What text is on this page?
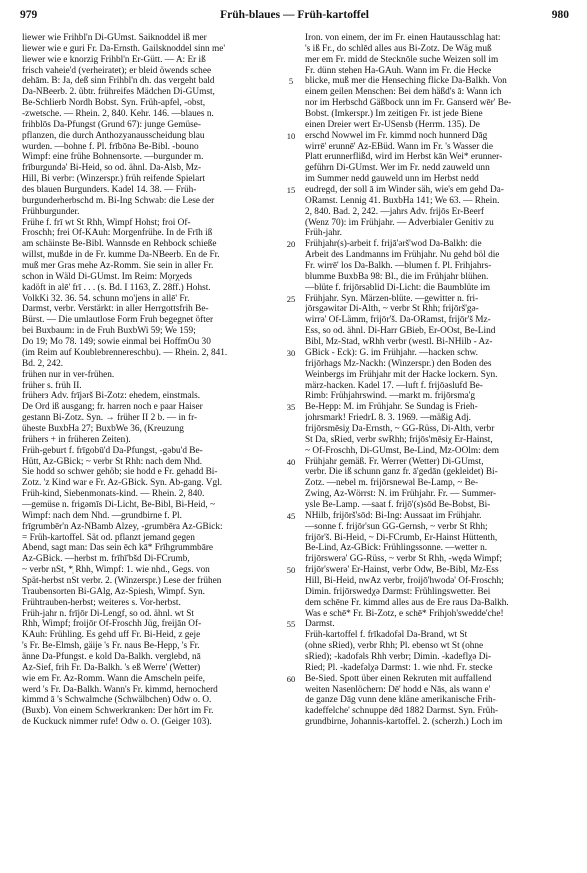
979	Früh-blaues — Früh-kartoffel	980
liewer wie Frihbl'n Di-GUmst. Saiknoddel iß mer
liewer wie e guri Fr. Da-Ernsth. Gailsknoddel sinn me'
liewer wie e knorzig Frihbl'n Er-Gütt. — A: Er iß
frisch vaheie'd (verheiratet); er bleid öwends schee
dehām. B: Ja, deß sinn Frihbl'n dh. das vergeht bald
Da-NBeerb. 2. übtr. frühreifes Mädchen Di-GUmst,
Be-Schlierb Nordh Bobst. Syn. Früh-apfel, -obst,
-zwetsche. — Rhein. 2, 840. Kehr. 146. —blaues n.
frihblōs Da-Pfungst (Grund 67): junge Gemüse-
pflanzen, die durch Anthozyanausscheidung blau
wurden. —bohne f. Pl. frībōnə Be-Bibl. -bouno
Wimpf: eine frühe Bohnensorte. —burgunder m.
frīburgundə' Bi-Heid, so od. ähnl. Da-Alsb, Mz-
Hill, Bi verbr: (Winzerspr.) früh reifende Spielart
des blauen Burgunders. Kadel 14. 38. — Früh-
burgunderherbschd m. Bi-Ing Schwab: die Lese der
Frühburgunder.
Frühe f. frī wt St Rhh, Wimpf Hohst; froi Of-
Froschh; frei Of-KAuh: Morgenfrühe. In de Frīh iß
am schäinste Be-Bibl. Wannsde en Rehbock schieße
willst, mußde in de Fr. kumme Da-NBeerb. En de Fr.
muß mer Gras mehe Az-Romm. Sie sein in aller Fr.
schon in Wäld Di-GUmst. Im Reim: Mọrχeds
kadöft in alē' frī . . . (s. Bd. I 1163, Z. 28ff.) Hohst.
VolkKi 32. 36. 54. schunn mo'jens in allē' Fr.
Darmst, verbr. Verstärkt: in aller Herrgottsfrih Be-
Bürst. — Die umlautlose Form Fruh begegnet öfter
bei Buxbaum: in de Fruh BuxbWi 59; We 159;
Do 19; Mo 78. 149; sowie einmal bei HoffmOu 30
(im Reim auf Koublebrennereschbu). — Rhein. 2, 841.
Bd. 2, 242.
frühen nur in ver-frühen.
früher s. früh II.
früherз Adv. frījərš Bi-Zotz: ehedem, einstmals.
De Ord iß ausgang; fr. harren noch e paar Haiser
gestann Bi-Zotz. Syn. → früher II 2 b. — in fr-
üheste BuxbHa 27; BuxbWe 36, (Kreuzung
frühers + in früheren Zeiten).
Früh-geburt f. frīgobū'd Da-Pfungst, -gəbu'd Be-
Hütt, Az-GBick; ~ verbr St Rhh: nach dem Nhd.
Sie hodd so schwer gehöb; sie hodd e Fr. gehadd Bi-
Zotz. 'z Kind war e Fr. Az-GBick. Syn. Ab-gang. Vgl.
Früh-kind, Siebenmonats-kind. — Rhein. 2, 840.
—gemüse n. frigəmīs Di-Licht, Be-Bibl, Bi-Heid, ~
Wimpf: nach dem Nhd. —grundbirne f. Pl.
frīgrumbēr'n Az-NBamb Alzey, -grumbēra Az-GBick:
= Früh-kartoffel. Sät od. pflanzt jemand gegen
Abend, sagt man: Das sein ēch kā* Frīhgrummbāre
Az-GBick. —herbst m. frīhī'bšd Di-FCrumb,
~ verbr nSt, *̣ Rhh, Wimpf: 1. wie nhd., Gegs. von
Spät-herbst nSt verbr. 2. (Winzerspr.) Lese der frühen
Traubensorten Bi-GAlg, Az-Spiesh, Wimpf. Syn.
Frühtrauben-herbst; weiteres s. Vor-herbst.
Früh-jahr n. frījōr Di-Lengf, so od. ähnl. wt St
Rhh, Wimpf; froijōr Of-Froschh Jüg, freijān Of-
KAuh: Frühling. Es gehd uff Fr. Bi-Heid, z geje
's Fr. Be-Elmsh, gäije 's Fr. naus Be-Hepp, 's Fr.
änne Da-Pfungst. e kold Da-Balkh. verglebd, nā
Az-Sief, frih Fr. Da-Balkh. 's eß Werre' (Wetter)
wie em Fr. Az-Romm. Wann die Amscheln peife,
werd 's Fr. Da-Balkh. Wann's Fr. kimmd, hernocherd
kimmd ā 's Schwalmche (Schwälbchen) Odw o. O.
(Buxb). Von einem Schwerkranken: Der hōrt im Fr.
de Kuckuck nimmer rufe! Odw o. O. (Geiger 103).
5
10
15
20
25
30
35
40
45
50
55
60
Iron. von einem, der im Fr. einen Hautausschlag hat:
's iß Fr., do schlēd alles aus Bi-Zotz. De Wäg muß
mer em Fr. midd de Stecknōle suche Weizen soll im
Fr. dünn stehen Ha-GAuh. Wann im Fr. die Hecke
blicke, muß mer die Henseching flicke Da-Balkh. Von
einem geilen Menschen: Bei dem häßd's ā: Wann ich
nor im Herbschd Gäßbock unn im Fr. Ganserd wēr' Be-
Bobst. (Imkerspr.) Im zeitigen Fr. ist jede Biene
einen Dreier wert Er-USensb (Herrm. 135). De
erschd Nowwel im Fr. kimmd noch hunnerd Dāg
wirrē' erunnē' Az-EBüd. Wann im Fr. 's Wasser die
Platt erunnerflißd, wird im Herbst kān Wei* erunner-
geführn Di-GUmst. Wer im Fr. nedd zauweld unn
im Summer nedd gauweld unn im Herbst nedd
eudregd, der soll ā im Winder säh, wie's em gehd Da-
ORamst. Lennig 41. BuxbHa 141; We 63. — Rhein.
2, 840. Bad. 2, 242. —jahrs Adv. frijōs Er-Beerf
(Wenz 70): im Frühjahr. — Adverbialer Genitiv zu
Früh-jahr.
Frühjahr(s)-arbeit f. frijā'ərš'wod Da-Balkh: die
Arbeit des Landmanns im Frühjahr. Nu gehd böl die
Fr. wirrē' los Da-Balkh. —blumen f. Pl. Frihjahrs-
blumme BuxbBa 98: Bl., die im Frühjahr blühen.
—blüte f. frijōrsəblid Di-Licht: die Baumblüte im
Frühjahr. Syn. Märzen-blüte. —gewitter n. fri-
jōrsgəwitər Di-Alth, ~ verbr St Rhh; frijōrš'gə-
wirrə' Of-Lämm, frijōr'š. Da-ORamst, frijōr'š Mz-
Ess, so od. ähnl. Di-Harr GBieb, Er-OOst, Be-Lind
Bibl, Mz-Stad, wRhh verbr (westl. Bi-NHilb - Az-
GBick - Eck): G. im Frühjahr. —hacken schw.
frijōrhags Mz-Nackh: (Winzerspr.) den Boden des
Weinbergs im Frühjahr mit der Hacke lockern. Syn.
märz-hacken. Kadel 17. —luft f. frijōəsluḟd Be-
Rimb: Frühjahrswind. —markt m. frijōrsma'g
Be-Hepp: M. im Frühjahr. Se Sundag is Frieh-
johrsmark! FriedrL 8. 3. 1969. —mäßig Adj.
frijōrsmēsiχ Da-Ernsth, ~ GG-Rüss, Di-Alth, verbr
St Da, sRied, verbr swRhh; frijōs'mēsiχ Er-Hainst,
~ Of-Froschh, Di-GUmst, Be-Lind, Mz-OOlm: dem
Frühjahr gemäß. Fr. Werrer (Wetter) Di-GUmst,
verbr. Die iß schunn ganz fr. ā'gedān (gekleidet) Bi-
Zotz. —nebel m. frijōrsnewəl Be-Lamp, ~ Be-
Zwing, Az-Wörrst: N. im Frühjahr. Fr. — Summer-
ysle Be-Lamp. —saat f. frijō'(s)sōd Be-Bobst, Bi-
NHilb, frijōrš'sōd: Bi-Ing: Aussaat im Frühjahr.
—sonne f. frijōr'sun GG-Gernsh, ~ verbr St Rhh;
frijōr'š. Bi-Heid, ~ Di-FCrumb, Er-Hainst Hüttenth,
Be-Lind, Az-GBick: Frühlingssonne. —wetter n.
frijōrswerə' GG-Rüss, ~ verbr St Rhh, -wędə Wimpf;
frijōr'swerə' Er-Hainst, verbr Odw, Be-Bibl, Mz-Ess
Hill, Bi-Heid, nwAz verbr, froijō'hwodə' Of-Froschh;
Dimin. frijōrswedχə Darmst: Frühlingswetter. Bei
dem schēne Fr. kimmd alles aus de Ēre raus Da-Balkh.
Was e schē* Fr. Bi-Zotz, e schē* Frihjoh'swedde'che!
Darmst.
Früh-kartoffel f. frīkadofəl Da-Brand, wt St
(ohne sRied), verbr Rhh; Pl. ebenso wt St (ohne
sRied); -kadofəls Rhh verbr; Dimin. -kadeḟlχə Di-
Ried; Pl. -kadeḟəlχə Darmst: 1. wie nhd. Fr. stecke
Be-Sied. Spott über einen Rekruten mit auffallend
weiten Nasenlöchern: Dē' hodd e Nās, als wann e'
de ganze Dāg vunn dene kläne amerikanische Frih-
kadeffelche' schnuppe dēd 1882 Darmst. Syn. Früh-
grundbirne, Johannis-kartoffel. 2. (scherzh.) Loch im
